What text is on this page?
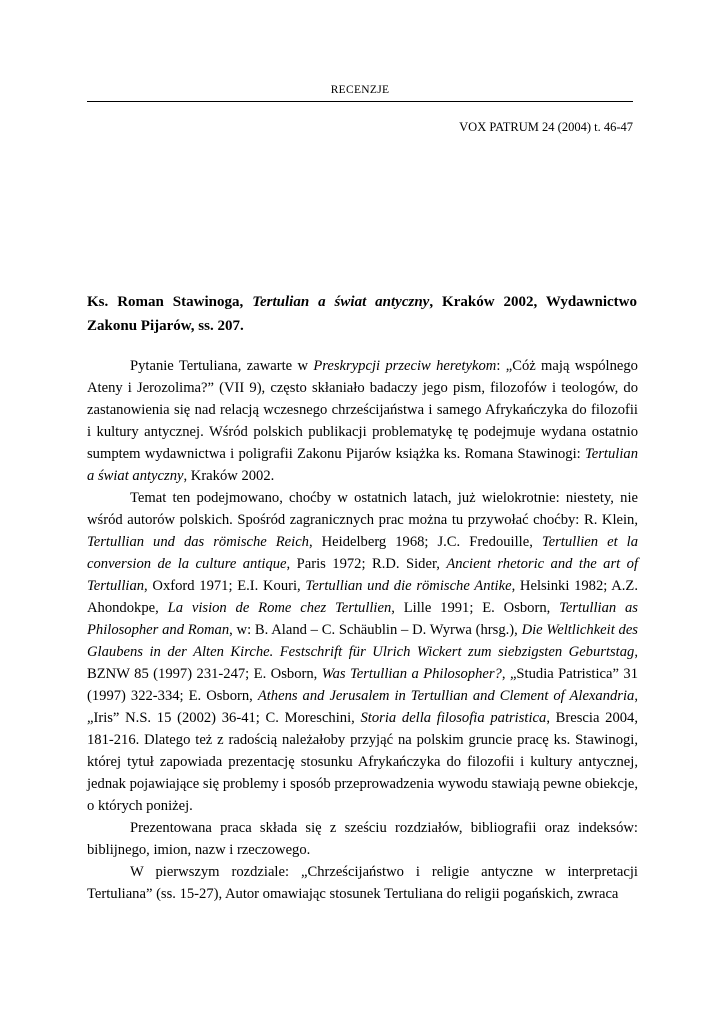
RECENZJE
VOX PATRUM 24 (2004) t. 46-47
Ks. Roman Stawinoga, Tertulian a świat antyczny, Kraków 2002, Wydawnictwo Zakonu Pijarów, ss. 207.

Pytanie Tertuliana, zawarte w Preskrypcji przeciw heretykom: „Cóż mają wspólnego Ateny i Jerozolima?” (VII 9), często skłaniało badaczy jego pism, filozofów i teologów, do zastanowienia się nad relacją wczesnego chrześcijaństwa i samego Afrykańczyka do filozofii i kultury antycznej. Wśród polskich publikacji problematykę tę podejmuje wydana ostatnio sumptem wydawnictwa i poligrafii Zakonu Pijarów książka ks. Romana Stawinogi: Tertulian a świat antyczny, Kraków 2002.

Temat ten podejmowano, choćby w ostatnich latach, już wielokrotnie: niestety, nie wśród autorów polskich. Spośród zagranicznych prac można tu przywołać choćby: R. Klein, Tertullian und das römische Reich, Heidelberg 1968; J.C. Fredouille, Tertullien et la conversion de la culture antique, Paris 1972; R.D. Sider, Ancient rhetoric and the art of Tertullian, Oxford 1971; E.I. Kouri, Tertullian und die römische Antike, Helsinki 1982; A.Z. Ahondokpe, La vision de Rome chez Tertullien, Lille 1991; E. Osborn, Tertullian as Philosopher and Roman, w: B. Aland – C. Schäublin – D. Wyrwa (hrsg.), Die Weltlichkeit des Glaubens in der Alten Kirche. Festschrift für Ulrich Wickert zum siebzigsten Geburtstag, BZNW 85 (1997) 231-247; E. Osborn, Was Tertullian a Philosopher?, „Studia Patristica” 31 (1997) 322-334; E. Osborn, Athens and Jerusalem in Tertullian and Clement of Alexandria, „Iris” N.S. 15 (2002) 36-41; C. Moreschini, Storia della filosofia patristica, Brescia 2004, 181-216. Dlatego też z radością należałoby przyjąć na polskim gruncie pracę ks. Stawinogi, której tytuł zapowiada prezentację stosunku Afrykańczyka do filozofii i kultury antycznej, jednak pojawiające się problemy i sposób przeprowadzenia wywodu stawiają pewne obiekcje, o których poniżej.

Prezentowana praca składa się z sześciu rozdziałów, bibliografii oraz indeksów: biblijnego, imion, nazw i rzeczowego.

W pierwszym rozdziale: „Chrześcijaństwo i religie antyczne w interpretacji Tertuliana” (ss. 15-27), Autor omawiając stosunek Tertuliana do religii pogańskich, zwraca
